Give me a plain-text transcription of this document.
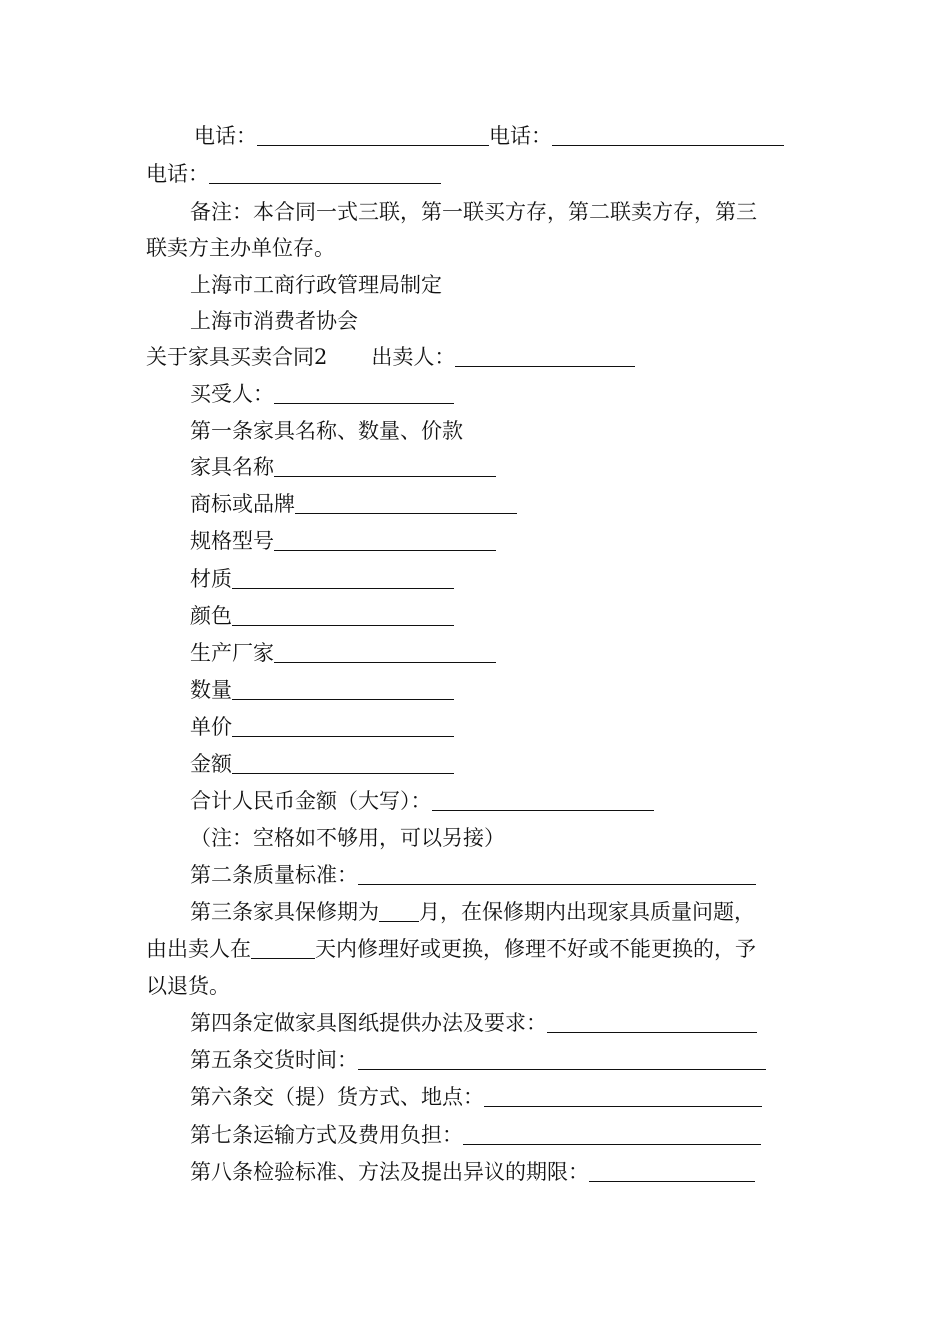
电话：	电话：
电话：
备注：本合同一式三联，第一联买方存，第二联卖方存，第三
联卖方主办单位存。
上海市工商行政管理局制定
上海市消费者协会
关于家具买卖合同2 出卖人：
买受人：
第一条家具名称、数量、价款
家具名称
商标或品牌
规格型号
材质
颜色
生产厂家
数量
单价
金额
合计人民币金额（大写）：
（注：空格如不够用，可以另接）
第二条质量标准：
第三条家具保修期为 月，在保修期内出现家具质量问题，
由出卖人在	天内修理好或更换，修理不好或不能更换的，予
以退货。
第四条定做家具图纸提供办法及要求：
第五条交货时间：
第六条交（提）货方式、地点：
第七条运输方式及费用负担：
第八条检验标准、方法及提出异议的期限：
